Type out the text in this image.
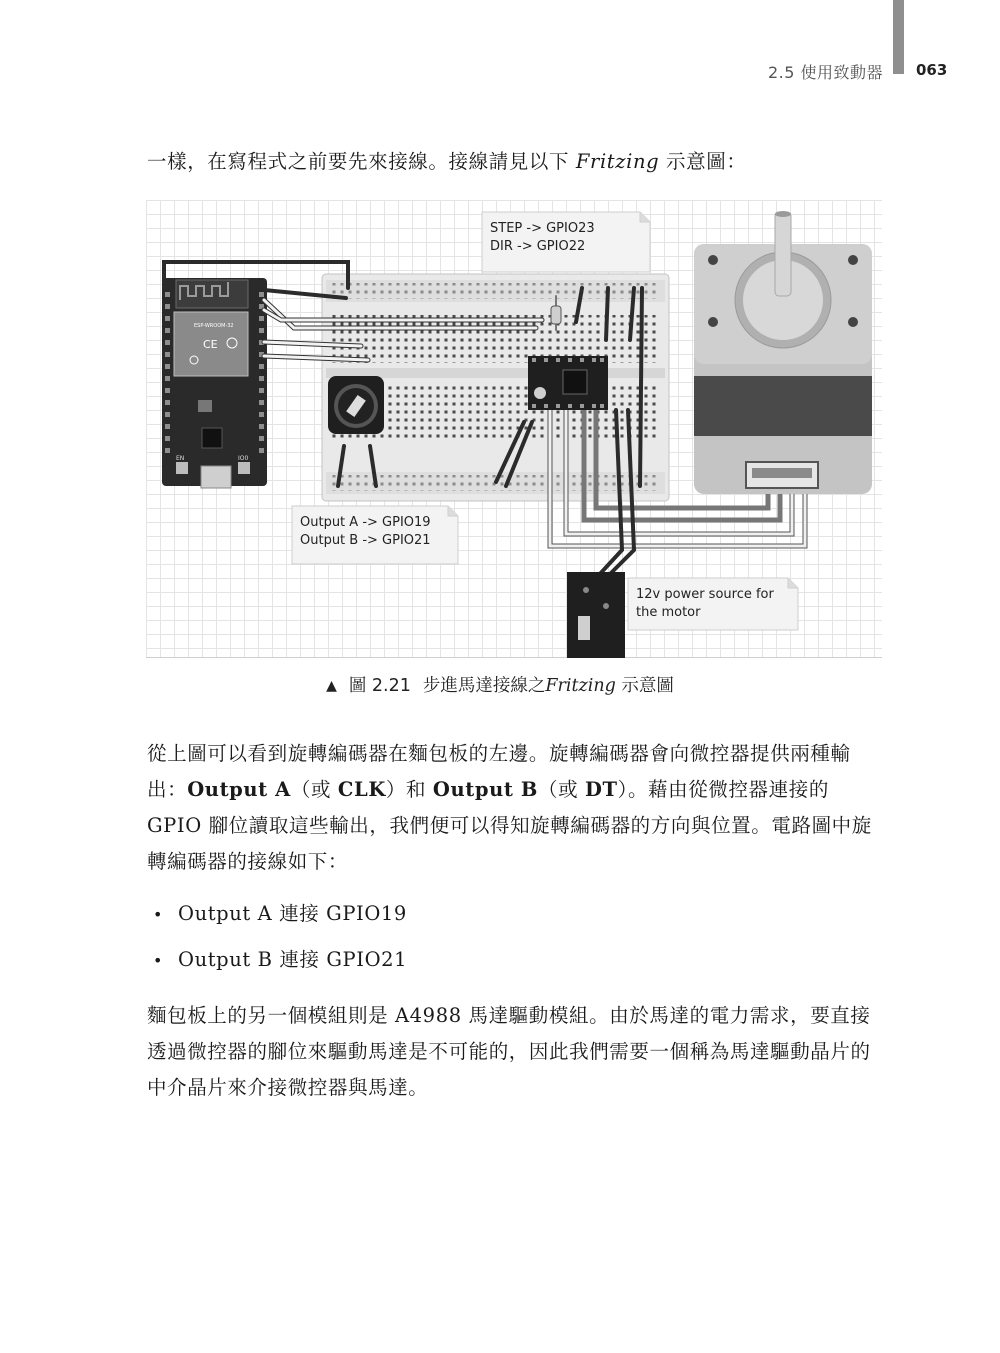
2.5 使用致動器 063

一樣，在寫程式之前要先來接線。接線請見以下 Fritzing 示意圖：

ESP-WROOM-32
CE
EN	IO0
STEP -> GPIO23
DIR -> GPIO22
Output A -> GPIO19
Output B -> GPIO21
12v power source for
the motor
▲ 圖 2.21 步進馬達接線之Fritzing 示意圖

從上圖可以看到旋轉編碼器在麵包板的左邊。旋轉編碼器會向微控器提供兩種輸出：Output A（或 CLK）和 Output B（或 DT）。藉由從微控器連接的 GPIO 腳位讀取這些輸出，我們便可以得知旋轉編碼器的方向與位置。電路圖中旋轉編碼器的接線如下：

• Output A 連接 GPIO19
• Output B 連接 GPIO21

麵包板上的另一個模組則是 A4988 馬達驅動模組。由於馬達的電力需求，要直接透過微控器的腳位來驅動馬達是不可能的，因此我們需要一個稱為馬達驅動晶片的中介晶片來介接微控器與馬達。
